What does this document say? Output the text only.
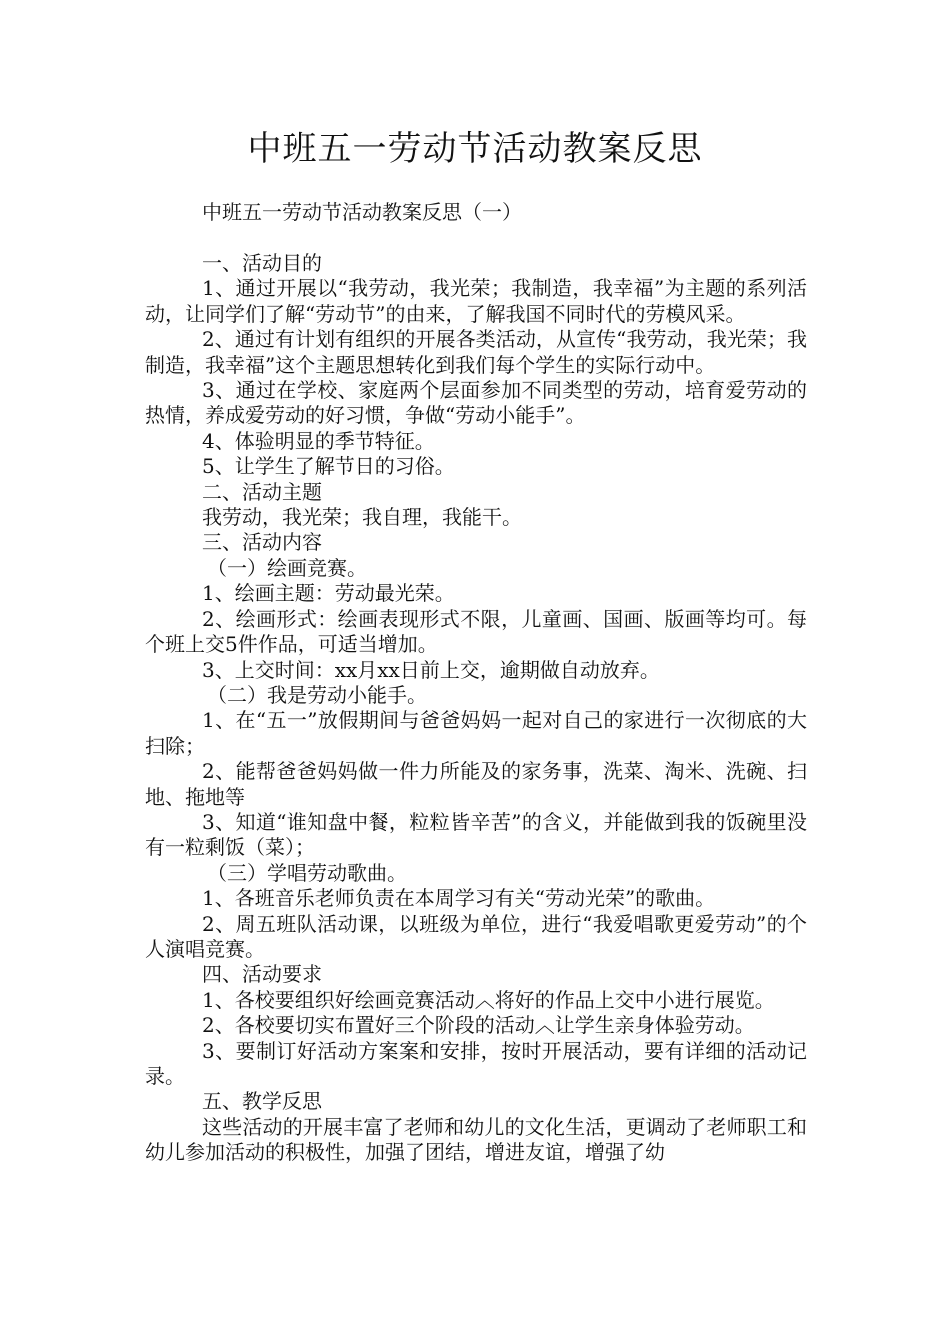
中班五一劳动节活动教案反思
中班五一劳动节活动教案反思（一）

一、活动目的

1、通过开展以“我劳动，我光荣；我制造，我幸福”为主题的系列活动，让同学们了解“劳动节”的由来，了解我国不同时代的劳模风采。

2、通过有计划有组织的开展各类活动，从宣传“我劳动，我光荣；我制造，我幸福”这个主题思想转化到我们每个学生的实际行动中。

3、通过在学校、家庭两个层面参加不同类型的劳动，培育爱劳动的热情，养成爱劳动的好习惯，争做“劳动小能手”。

4、体验明显的季节特征。

5、让学生了解节日的习俗。

二、活动主题

我劳动，我光荣；我自理，我能干。

三、活动内容

（一）绘画竞赛。

1、绘画主题：劳动最光荣。

2、绘画形式：绘画表现形式不限，儿童画、国画、版画等均可。每个班上交5件作品，可适当增加。

3、上交时间：xx月xx日前上交，逾期做自动放弃。

（二）我是劳动小能手。

1、在“五一”放假期间与爸爸妈妈一起对自己的家进行一次彻底的大扫除；

2、能帮爸爸妈妈做一件力所能及的家务事，洗菜、淘米、洗碗、扫地、拖地等

3、知道“谁知盘中餐，粒粒皆辛苦”的含义，并能做到我的饭碗里没有一粒剩饭（菜）；

（三）学唱劳动歌曲。

1、各班音乐老师负责在本周学习有关“劳动光荣”的歌曲。

2、周五班队活动课，以班级为单位，进行“我爱唱歌更爱劳动”的个人演唱竞赛。

四、活动要求

1、各校要组织好绘画竞赛活动︿将好的作品上交中小进行展览。

2、各校要切实布置好三个阶段的活动︿让学生亲身体验劳动。

3、要制订好活动方案案和安排，按时开展活动，要有详细的活动记录。

五、教学反思

这些活动的开展丰富了老师和幼儿的文化生活，更调动了老师职工和幼儿参加活动的积极性，加强了团结，增进友谊，增强了幼
